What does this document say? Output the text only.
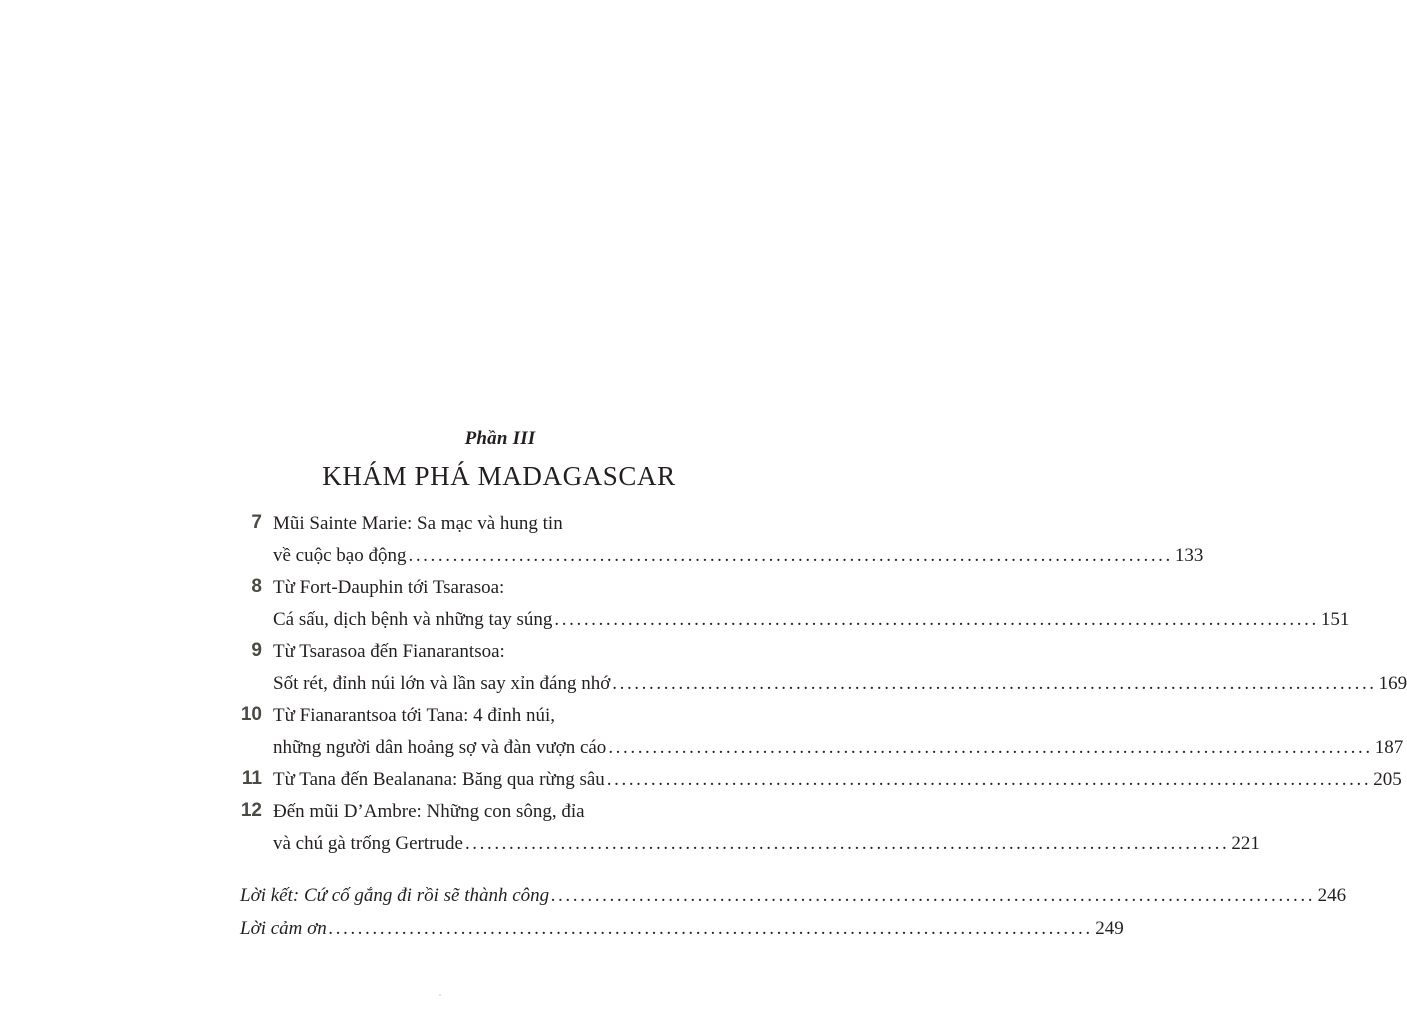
Phần III
KHÁM PHÁ MADAGASCAR
7 Mũi Sainte Marie: Sa mạc và hung tin
về cuộc bạo động ........................................................................................................ 133
8 Từ Fort-Dauphin tới Tsarasoa:
Cá sấu, dịch bệnh và những tay súng ........................................................................................................ 151
9 Từ Tsarasoa đến Fianarantsoa:
Sốt rét, đỉnh núi lớn và lần say xỉn đáng nhớ ........................................................................................................ 169
10 Từ Fianarantsoa tới Tana: 4 đỉnh núi,
những người dân hoảng sợ và đàn vượn cáo ........................................................................................................ 187
11 Từ Tana đến Bealanana: Băng qua rừng sâu ........................................................................................................ 205
12 Đến mũi D’Ambre: Những con sông, đỉa
và chú gà trống Gertrude ........................................................................................................ 221
Lời kết: Cứ cố gắng đi rồi sẽ thành công ........................................................................................................ 246
Lời cảm ơn ........................................................................................................ 249
